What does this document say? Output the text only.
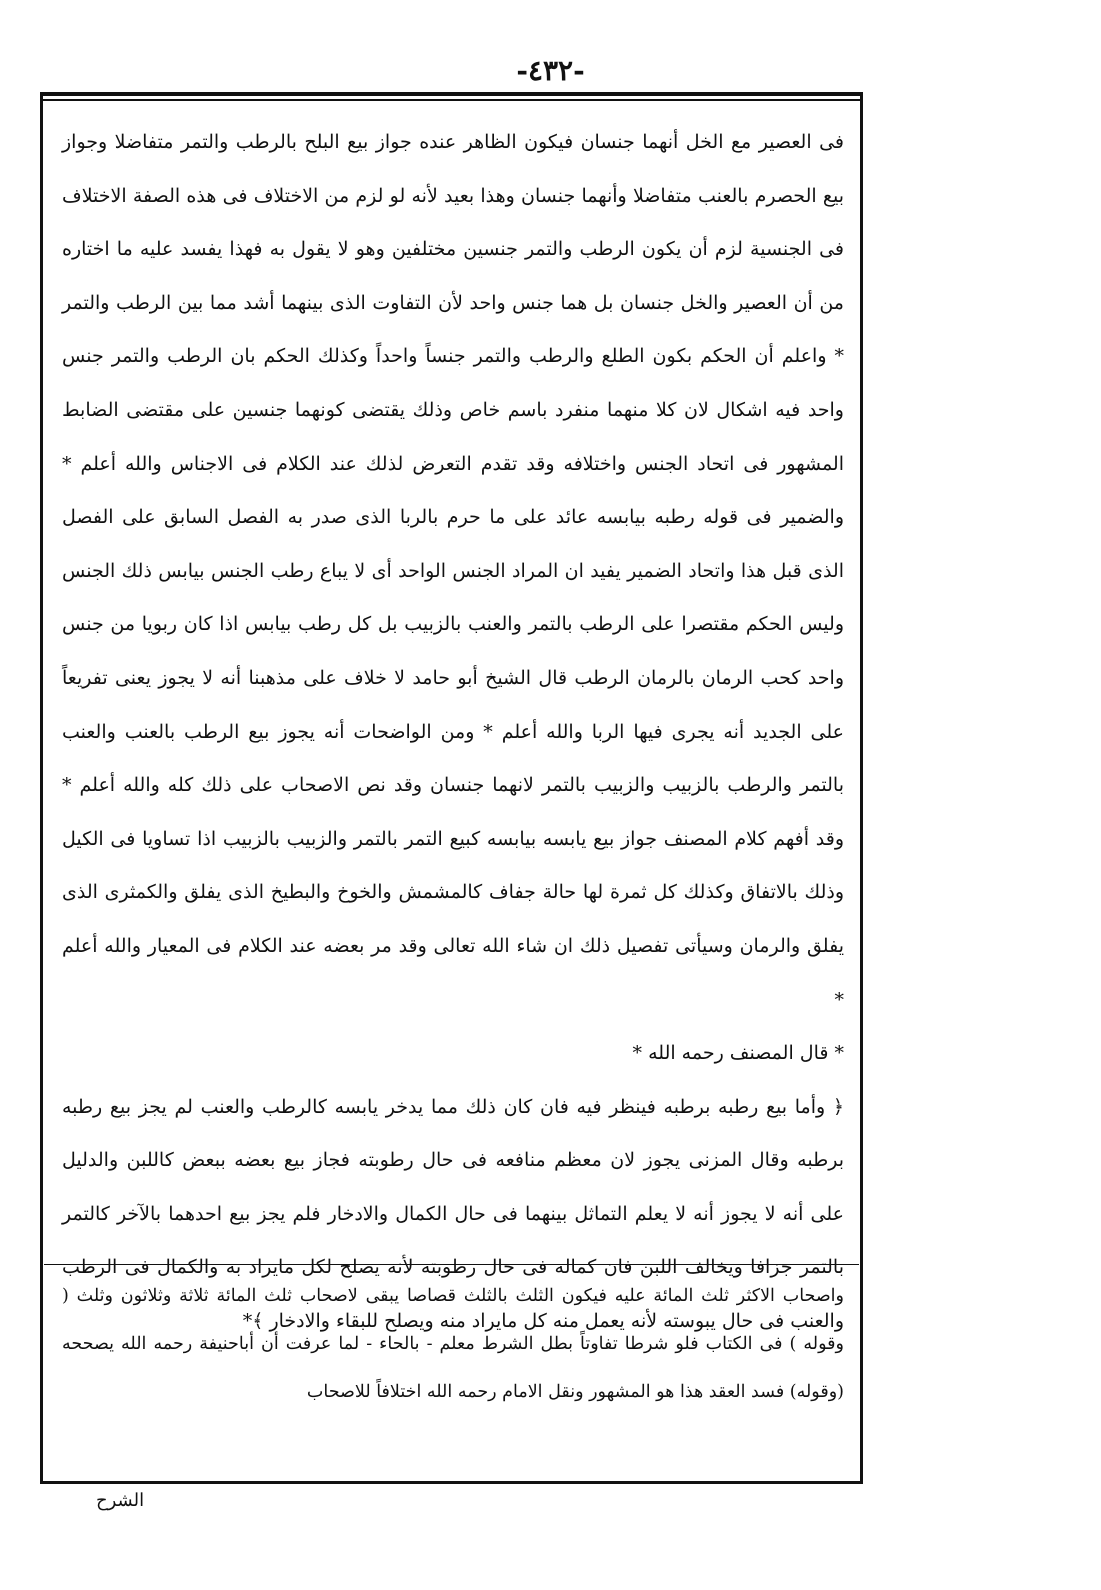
-٤٣٢-

فى العصير مع الخل أنهما جنسان فيكون الظاهر عنده جواز بيع البلح بالرطب والتمر متفاضلا وجواز بيع الحصرم بالعنب متفاضلا وأنهما جنسان وهذا بعيد لأنه لو لزم من الاختلاف فى هذه الصفة الاختلاف فى الجنسية لزم أن يكون الرطب والتمر جنسين مختلفين وهو لا يقول به فهذا يفسد عليه ما اختاره من أن العصير والخل جنسان بل هما جنس واحد لأن التفاوت الذى بينهما أشد مما بين الرطب والتمر * واعلم أن الحكم بكون الطلع والرطب والتمر جنساً واحداً وكذلك الحكم بان الرطب والتمر جنس واحد فيه اشكال لان كلا منهما منفرد باسم خاص وذلك يقتضى كونهما جنسين على مقتضى الضابط المشهور فى اتحاد الجنس واختلافه وقد تقدم التعرض لذلك عند الكلام فى الاجناس والله أعلم * والضمير فى قوله رطبه بيابسه عائد على ما حرم بالربا الذى صدر به الفصل السابق على الفصل الذى قبل هذا واتحاد الضمير يفيد ان المراد الجنس الواحد أى لا يباع رطب الجنس بيابس ذلك الجنس وليس الحكم مقتصرا على الرطب بالتمر والعنب بالزبيب بل كل رطب بيابس اذا كان ربويا من جنس واحد كحب الرمان بالرمان الرطب قال الشيخ أبو حامد لا خلاف على مذهبنا أنه لا يجوز يعنى تفريعاً على الجديد أنه يجرى فيها الربا والله أعلم * ومن الواضحات أنه يجوز بيع الرطب بالعنب والعنب بالتمر والرطب بالزبيب والزبيب بالتمر لانهما جنسان وقد نص الاصحاب على ذلك كله والله أعلم * وقد أفهم كلام المصنف جواز بيع يابسه بيابسه كبيع التمر بالتمر والزبيب بالزبيب اذا تساويا فى الكيل وذلك بالاتفاق وكذلك كل ثمرة لها حالة جفاف كالمشمش والخوخ والبطيخ الذى يفلق والكمثرى الذى يفلق والرمان وسيأتى تفصيل ذلك ان شاء الله تعالى وقد مر بعضه عند الكلام فى المعيار والله أعلم *

* قال المصنف رحمه الله *

﴿ وأما بيع رطبه برطبه فينظر فيه فان كان ذلك مما يدخر يابسه كالرطب والعنب لم يجز بيع رطبه برطبه وقال المزنى يجوز لان معظم منافعه فى حال رطوبته فجاز بيع بعضه ببعض كاللبن والدليل على أنه لا يجوز أنه لا يعلم التماثل بينهما فى حال الكمال والادخار فلم يجز بيع احدهما بالآخر كالتمر بالتمر جزافا ويخالف اللبن فان كماله فى حال رطوبته لأنه يصلح لكل مايراد به والكمال فى الرطب والعنب فى حال يبوسته لأنه يعمل منه كل مايراد منه ويصلح للبقاء والادخار ﴾*

واصحاب الاكثر ثلث المائة عليه فيكون الثلث بالثلث قصاصا يبقى لاصحاب ثلث المائة ثلاثة وثلاثون وثلث ( وقوله ) فى الكتاب فلو شرطا تفاوتاً بطل الشرط معلم - بالحاء - لما عرفت أن أباحنيفة رحمه الله يصححه (وقوله) فسد العقد هذا هو المشهور ونقل الامام رحمه الله اختلافاً للاصحاب

الشرح
